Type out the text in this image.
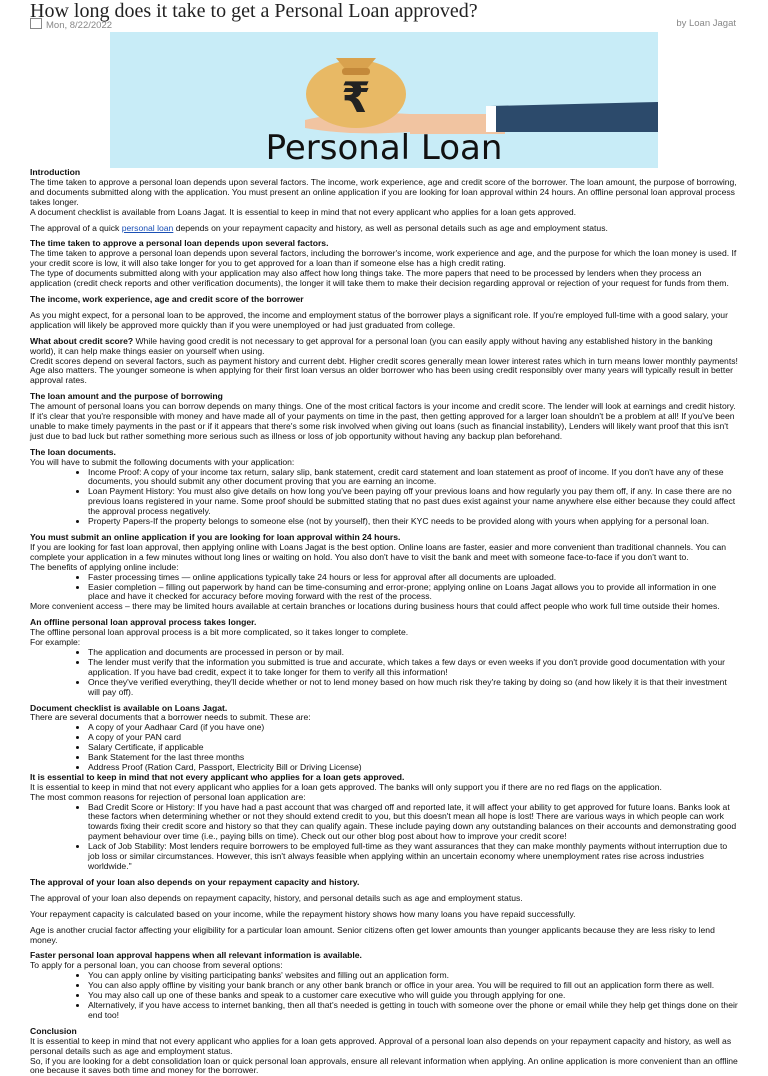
How long does it take to get a Personal Loan approved?
Mon, 8/22/2022	by Loan Jagat
₹
Personal Loan

Introduction

The time taken to approve a personal loan depends upon several factors. The income, work experience, age and credit score of the borrower. The loan amount, the purpose of borrowing, and documents submitted along with the application. You must present an online application if you are looking for loan approval within 24 hours. An offline personal loan approval process takes longer.

A document checklist is available from Loans Jagat. It is essential to keep in mind that not every applicant who applies for a loan gets approved.

The approval of a quick personal loan depends on your repayment capacity and history, as well as personal details such as age and employment status.

The time taken to approve a personal loan depends upon several factors.

The time taken to approve a personal loan depends upon several factors, including the borrower's income, work experience and age, and the purpose for which the loan money is used. If your credit score is low, it will also take longer for you to get approved for a loan than if someone else has a high credit rating.

The type of documents submitted along with your application may also affect how long things take. The more papers that need to be processed by lenders when they process an application (credit check reports and other verification documents), the longer it will take them to make their decision regarding approval or rejection of your request for funds from them.

The income, work experience, age and credit score of the borrower

As you might expect, for a personal loan to be approved, the income and employment status of the borrower plays a significant role. If you're employed full-time with a good salary, your application will likely be approved more quickly than if you were unemployed or had just graduated from college.

What about credit score? While having good credit is not necessary to get approval for a personal loan (you can easily apply without having any established history in the banking world), it can help make things easier on yourself when using.

Credit scores depend on several factors, such as payment history and current debt. Higher credit scores generally mean lower interest rates which in turn means lower monthly payments!

Age also matters. The younger someone is when applying for their first loan versus an older borrower who has been using credit responsibly over many years will typically result in better approval rates.

The loan amount and the purpose of borrowing

The amount of personal loans you can borrow depends on many things. One of the most critical factors is your income and credit score. The lender will look at earnings and credit history. If it's clear that you're responsible with money and have made all of your payments on time in the past, then getting approved for a larger loan shouldn't be a problem at all! If you've been unable to make timely payments in the past or if it appears that there's some risk involved when giving out loans (such as financial instability), Lenders will likely want proof that this isn't just due to bad luck but rather something more serious such as illness or loss of job opportunity without having any backup plan beforehand.

The loan documents.

You will have to submit the following documents with your application:

• Income Proof: A copy of your income tax return, salary slip, bank statement, credit card statement and loan statement as proof of income. If you don't have any of these documents, you should submit any other document proving that you are earning an income.
• Loan Payment History: You must also give details on how long you've been paying off your previous loans and how regularly you pay them off, if any. In case there are no previous loans registered in your name. Some proof should be submitted stating that no past dues exist against your name anywhere else either because they could affect the approval process negatively.
• Property Papers-If the property belongs to someone else (not by yourself), then their KYC needs to be provided along with yours when applying for a personal loan.

You must submit an online application if you are looking for loan approval within 24 hours.

If you are looking for fast loan approval, then applying online with Loans Jagat is the best option. Online loans are faster, easier and more convenient than traditional channels. You can complete your application in a few minutes without long lines or waiting on hold. You also don't have to visit the bank and meet with someone face-to-face if you don't want to.

The benefits of applying online include:

• Faster processing times — online applications typically take 24 hours or less for approval after all documents are uploaded.
• Easier completion – filling out paperwork by hand can be time-consuming and error-prone; applying online on Loans Jagat allows you to provide all information in one place and have it checked for accuracy before moving forward with the rest of the process.

More convenient access – there may be limited hours available at certain branches or locations during business hours that could affect people who work full time outside their homes.

An offline personal loan approval process takes longer.

The offline personal loan approval process is a bit more complicated, so it takes longer to complete.

For example:

• The application and documents are processed in person or by mail.
• The lender must verify that the information you submitted is true and accurate, which takes a few days or even weeks if you don't provide good documentation with your application. If you have bad credit, expect it to take longer for them to verify all this information!
• Once they've verified everything, they'll decide whether or not to lend money based on how much risk they're taking by doing so (and how likely it is that their investment will pay off).

Document checklist is available on Loans Jagat.

There are several documents that a borrower needs to submit. These are:

• A copy of your Aadhaar Card (if you have one)
• A copy of your PAN card
• Salary Certificate, if applicable
• Bank Statement for the last three months
• Address Proof (Ration Card, Passport, Electricity Bill or Driving License)

It is essential to keep in mind that not every applicant who applies for a loan gets approved.

It is essential to keep in mind that not every applicant who applies for a loan gets approved. The banks will only support you if there are no red flags on the application.

The most common reasons for rejection of personal loan application are:

• Bad Credit Score or History: If you have had a past account that was charged off and reported late, it will affect your ability to get approved for future loans. Banks look at these factors when determining whether or not they should extend credit to you, but this doesn't mean all hope is lost! There are various ways in which people can work towards fixing their credit score and history so that they can qualify again. These include paying down any outstanding balances on their accounts and demonstrating good payment behaviour over time (i.e., paying bills on time). Check out our other blog post about how to improve your credit score!
• Lack of Job Stability: Most lenders require borrowers to be employed full-time as they want assurances that they can make monthly payments without interruption due to job loss or similar circumstances. However, this isn't always feasible when applying within an uncertain economy where unemployment rates rise across industries worldwide."

The approval of your loan also depends on your repayment capacity and history.

The approval of your loan also depends on repayment capacity, history, and personal details such as age and employment status.

Your repayment capacity is calculated based on your income, while the repayment history shows how many loans you have repaid successfully.

Age is another crucial factor affecting your eligibility for a particular loan amount. Senior citizens often get lower amounts than younger applicants because they are less risky to lend money.

Faster personal loan approval happens when all relevant information is available.

To apply for a personal loan, you can choose from several options:

• You can apply online by visiting participating banks' websites and filling out an application form.
• You can also apply offline by visiting your bank branch or any other bank branch or office in your area. You will be required to fill out an application form there as well.
• You may also call up one of these banks and speak to a customer care executive who will guide you through applying for one.
• Alternatively, if you have access to internet banking, then all that's needed is getting in touch with someone over the phone or email while they help get things done on their end too!

Conclusion

It is essential to keep in mind that not every applicant who applies for a loan gets approved. Approval of a personal loan also depends on your repayment capacity and history, as well as personal details such as age and employment status.

So, if you are looking for a debt consolidation loan or quick personal loan approvals, ensure all relevant information when applying. An online application is more convenient than an offline one because it saves both time and money for the borrower.
